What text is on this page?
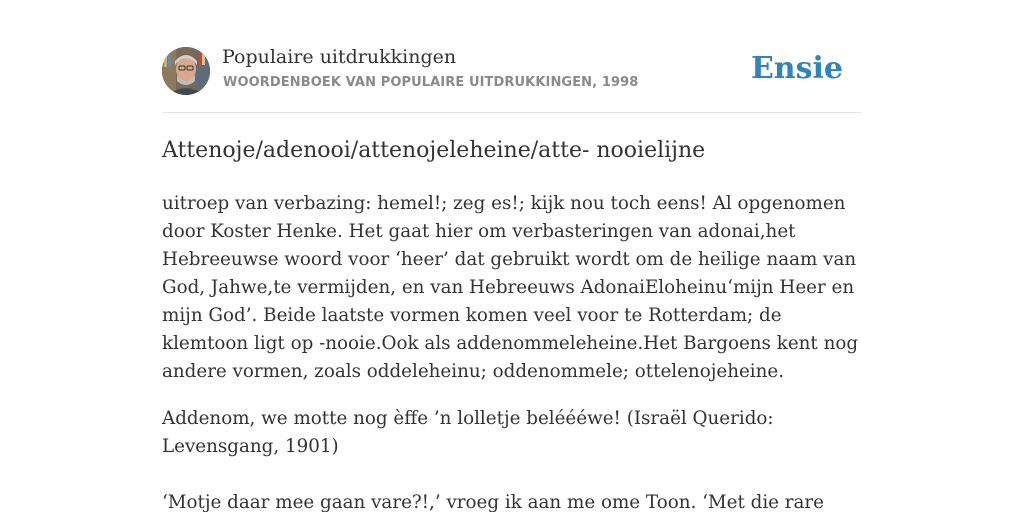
Populaire uitdrukkingen
WOORDENBOEK VAN POPULAIRE UITDRUKKINGEN, 1998	Ensie
Attenoje/adenooi/attenojeleheine/atte- nooielijne

uitroep van verbazing: hemel!; zeg es!; kijk nou toch eens! Al opgenomen door Koster Henke. Het gaat hier om verbasteringen van adonai,het Hebreeuwse woord voor ‘heer’ dat gebruikt wordt om de heilige naam van God, Jahwe,te vermijden, en van Hebreeuws AdonaiEloheinu‘mijn Heer en mijn God’. Beide laatste vormen komen veel voor te Rotterdam; de klemtoon ligt op -nooie.Ook als addenommeleheine.Het Bargoens kent nog andere vormen, zoals oddeleheinu; oddenommele; ottelenojeheine.

Addenom, we motte nog èffe ’n lolletje beléééwe! (Israël Querido: Levensgang, 1901)

‘Motje daar mee gaan vare?!,’ vroeg ik aan me ome Toon. ‘Met die rare
